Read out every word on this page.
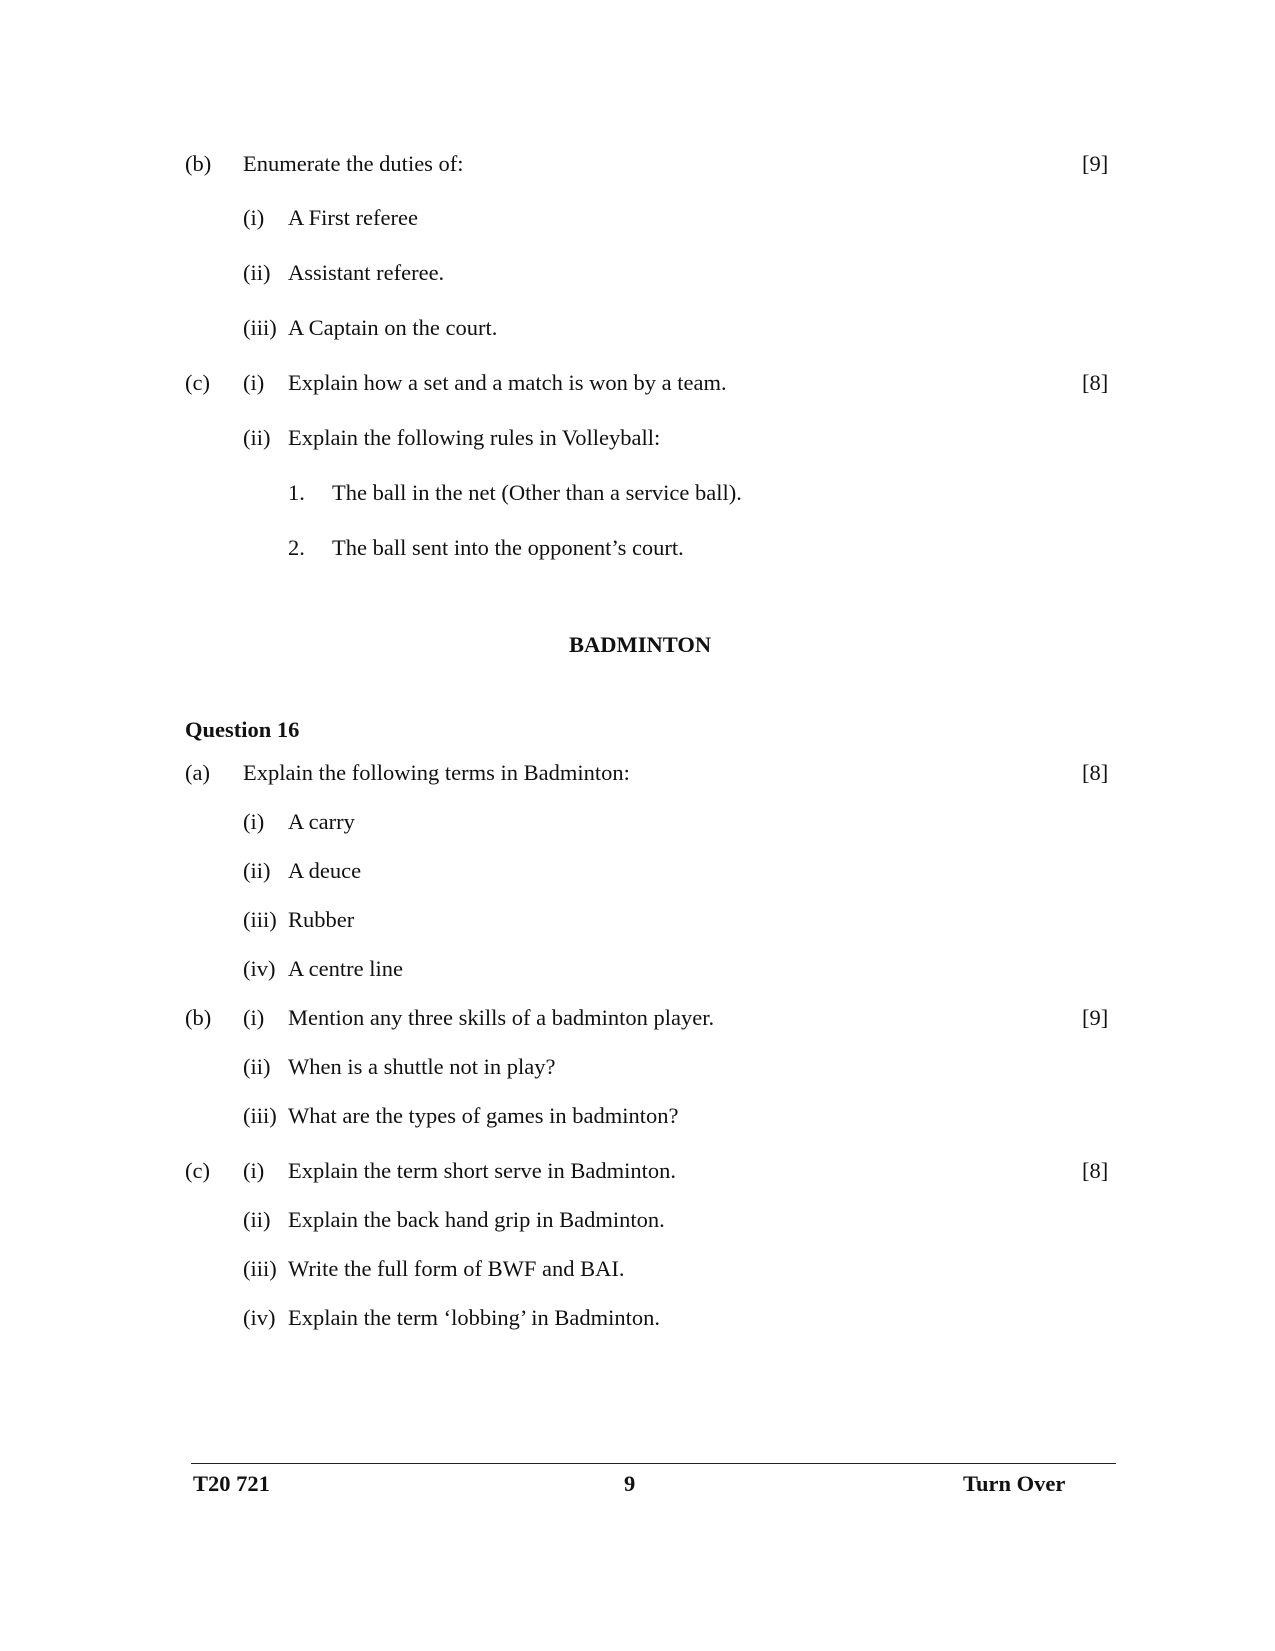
(b) Enumerate the duties of:	[9]
(i) A First referee
(ii) Assistant referee.
(iii) A Captain on the court.
(c) (i) Explain how a set and a match is won by a team.	[8]
(ii) Explain the following rules in Volleyball:
1. The ball in the net (Other than a service ball).
2. The ball sent into the opponent’s court.
BADMINTON
Question 16
(a) Explain the following terms in Badminton:	[8]
(i) A carry
(ii) A deuce
(iii) Rubber
(iv) A centre line
(b) (i) Mention any three skills of a badminton player.	[9]
(ii) When is a shuttle not in play?
(iii) What are the types of games in badminton?
(c) (i) Explain the term short serve in Badminton.	[8]
(ii) Explain the back hand grip in Badminton.
(iii) Write the full form of BWF and BAI.
(iv) Explain the term ‘lobbing’ in Badminton.
T20 721	9	Turn Over
